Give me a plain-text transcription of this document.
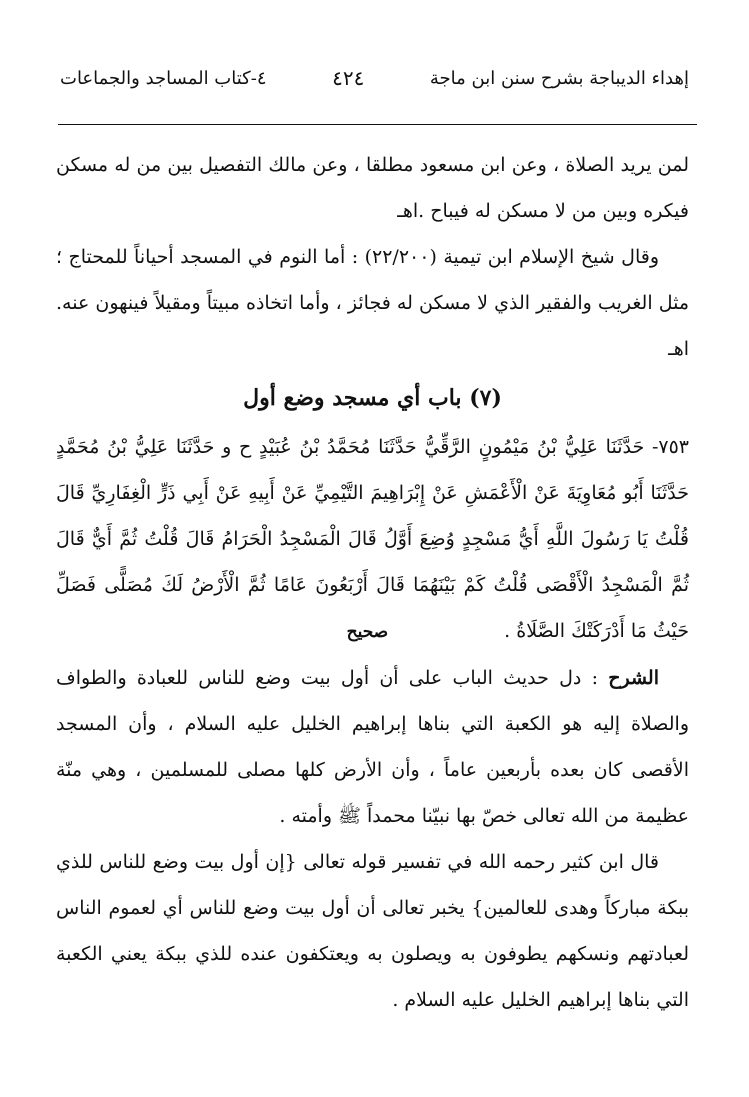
إهداء الديباجة بشرح سنن ابن ماجة
٤٢٤
٤-كتاب المساجد والجماعات

لمن يريد الصلاة ، وعن ابن مسعود مطلقا ، وعن مالك التفصيل بين من له مسكن فيكره وبين من لا مسكن له فيباح .اهـ

وقال شيخ الإسلام ابن تيمية (٢٢/٢٠٠) : أما النوم في المسجد أحياناً للمحتاج ؛ مثل الغريب والفقير الذي لا مسكن له فجائز ، وأما اتخاذه مبيتاً ومقيلاً فينهون عنه. اهـ

(٧) باب أي مسجد وضع أول

٧٥٣- حَدَّثَنَا عَلِيُّ بْنُ مَيْمُونٍ الرَّقِّيُّ حَدَّثَنَا مُحَمَّدُ بْنُ عُبَيْدٍ ح و حَدَّثَنَا عَلِيُّ بْنُ مُحَمَّدٍ حَدَّثَنَا أَبُو مُعَاوِيَةَ عَنْ الْأَعْمَشِ عَنْ إِبْرَاهِيمَ التَّيْمِيِّ عَنْ أَبِيهِ عَنْ أَبِي ذَرٍّ الْغِفَارِيِّ قَالَ قُلْتُ يَا رَسُولَ اللَّهِ أَيُّ مَسْجِدٍ وُضِعَ أَوَّلُ قَالَ الْمَسْجِدُ الْحَرَامُ قَالَ قُلْتُ ثُمَّ أَيٌّ قَالَ ثُمَّ الْمَسْجِدُ الْأَقْصَى قُلْتُ كَمْ بَيْنَهُمَا قَالَ أَرْبَعُونَ عَامًا ثُمَّ الْأَرْضُ لَكَ مُصَلًّى فَصَلِّ حَيْثُ مَا أَدْرَكَتْكَ الصَّلَاةُ . صحيح

الشرح : دل حديث الباب على أن أول بيت وضع للناس للعبادة والطواف والصلاة إليه هو الكعبة التي بناها إبراهيم الخليل عليه السلام ، وأن المسجد الأقصى كان بعده بأربعين عاماً ، وأن الأرض كلها مصلى للمسلمين ، وهي منّة عظيمة من الله تعالى خصّ بها نبيّنا محمداً ﷺ وأمته .

قال ابن كثير رحمه الله في تفسير قوله تعالى {إن أول بيت وضع للناس للذي ببكة مباركاً وهدى للعالمين} يخبر تعالى أن أول بيت وضع للناس أي لعموم الناس لعبادتهم ونسكهم يطوفون به ويصلون به ويعتكفون عنده للذي ببكة يعني الكعبة التي بناها إبراهيم الخليل عليه السلام .
